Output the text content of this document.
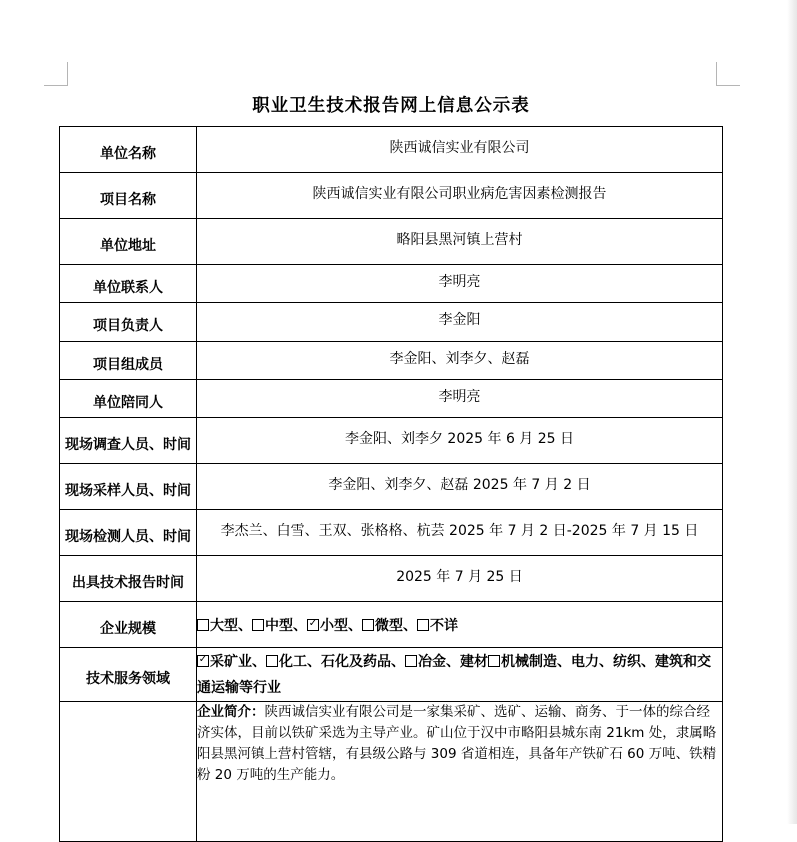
职业卫生技术报告网上信息公示表
单位名称	陕西诚信实业有限公司
项目名称	陕西诚信实业有限公司职业病危害因素检测报告
单位地址	略阳县黑河镇上营村
单位联系人	李明亮
项目负责人	李金阳
项目组成员	李金阳、刘李夕、赵磊
单位陪同人	李明亮
现场调查人员、时间	李金阳、刘李夕 2025 年 6 月 25 日
现场采样人员、时间	李金阳、刘李夕、赵磊 2025 年 7 月 2 日
现场检测人员、时间	李杰兰、白雪、王双、张格格、杭芸 2025 年 7 月 2 日-2025 年 7 月 15 日
出具技术报告时间	2025 年 7 月 25 日
企业规模	大型、 中型、 ✓ 小型、 微型、 不详
技术服务领域	✓采矿业、 化工、石化及药品、 冶金、建材 机械制造、电力、纺织、建筑和交通运输等行业
	企业简介：陕西诚信实业有限公司是一家集采矿、选矿、运输、商务、于一体的综合经济实体，目前以铁矿采选为主导产业。矿山位于汉中市略阳县城东南 21km 处，隶属略阳县黑河镇上营村管辖，有县级公路与 309 省道相连，具备年产铁矿石 60 万吨、铁精粉 20 万吨的生产能力。
